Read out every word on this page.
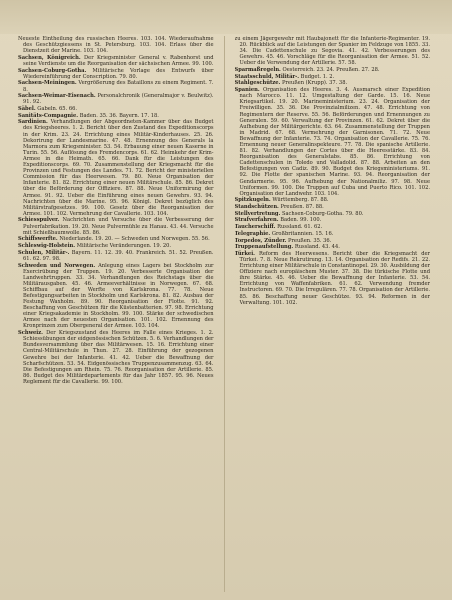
Neueste Eintheilung des russischen Heeres. 103. 104. Wiederaufnahme des Geschützgiessens in St. Petersburg. 103. 104. Erlass über die Dienstzeit der Marine. 103. 104.

Sachsen, Königreich. Der Kriegsminister General v. Rabenhorst und seine Verdienste um die Reorganisation der sächsischen Armee. 99. 100.

Sachsen-Coburg-Gotha. Militärische Vorlage des Entwurfs über Wiedereinführung der Conscription. 79. 80.

Sachsen-Meiningen. Vergrößerung des Bataillons zu einem Regiment. 7. 8.

Sachsen-Weimar-Eisenach. Personalchronik (Generalmajor v. Beulwitz). 91. 92.

Säbel. Gabeln. 65. 66.

Sanitäts-Compagnie. Baden. 35. 36. Bayern. 17. 18.

Sardinien. Verhandlungen der Abgeordneten-Kammer über das Budget des Kriegsheeres. 1. 2. Bericht über den Zustand des Expeditionscorps in der Krim. 23. 24. Errichtung eines Militär-Kinderhauses. 25. 26. Dekorirung der Landesmarine. 47. 48. Ernennung des Generals la Marmora zum Kriegsminister. 53. 54. Erbauung einer neuen Kaserne in Turin. 55. 56. Auflösung des Fremdencorps. 61. 62. Heimkehr der Krim-Armee in die Heimath. 65. 66. Dank für die Leistungen des Expeditionscorps. 69. 70. Zusammenstellung der Kriegsmacht für die Provinzen und Festungen des Landes. 71. 72. Bericht der ministeriellen Commission für das Heerwesen. 79. 80. Neue Organisation der Infanterie. 81. 82. Errichtung einer neuen Militärschule. 85. 86. Dekret über die Beförderung der Offiziere. 87. 88. Neue Uniformirung der Armee. 91. 92. Ueber die Einführung eines neuen Gewehrs. 93. 94. Nachrichten über die Marine. 95. 96. Königl. Dekret bezüglich des Militärstrafgesetzes. 99. 100. Gesetz über die Reorganisation der Armee. 101. 102. Vermehrung der Cavallerie. 103. 104.

Schiesspulver. Nachrichten und Versuche über die Verbesserung der Pulverfabrikation. 19. 20. Neue Pulvermühle zu Hanau. 43. 44. Versuche mit Schießbaumwolle. 85. 86.

Schiffswerfte. Niederlande. 19. 20. — Schweden und Norwegen. 55. 56.

Schleswig-Holstein. Militärische Veränderungen. 19. 20.

Schulen, Militär-. Bayern. 11. 12. 39. 40. Frankreich. 51. 52. Preußen. 61. 62. 97. 98.

Schweden und Norwegen. Anlegung eines Lagers bei Stockholm zur Exercirübung der Truppen. 19. 20. Verbesserte Organisation der Landwehrtruppen. 33. 34. Verhandlungen des Reichstags über die Militärausgaben. 45. 46. Armeeverhältnisse in Norwegen. 67. 68. Schiffbau auf der Werfte von Karlskrona. 77. 78. Neue Befestigungsarbeiten in Stockholm und Karlskrona. 81. 82. Ausbau der Festung Waxholm. 89. 90. Reorganisation der Flotte. 91. 92. Beschaffung von Geschützen für die Küstenbatterien. 97. 98. Errichtung einer Kriegsakademie in Stockholm. 99. 100. Stärke der schwedischen Armee nach der neuesten Organisation. 101. 102. Ernennung des Kronprinzen zum Obergeneral der Armee. 103. 104.

Schweiz. Der Kriegszustand des Heeres im Falle eines Krieges. 1. 2. Schiessübungen der eidgenössischen Schützen. 5. 6. Verhandlungen der Bundesversammlung über das Militärwesen. 15. 16. Errichtung einer Central-Militärschule in Thun. 27. 28. Einführung der gezogenen Gewehre bei der Infanterie. 41. 42. Ueber die Bewaffnung der Scharfschützen. 53. 54. Eidgenössisches Truppenzusammenzug. 63. 64. Die Befestigungen am Rhein. 75. 76. Reorganisation der Artillerie. 85. 86. Budget des Militärdepartements für das Jahr 1857. 95. 96. Neues Reglement für die Cavallerie. 99. 100.

zu einem Jägergewehr mit Haubajonett für die Infanterie-Regimenter. 19. 20. Rückblick auf die Leistungen der Spanier im Feldzuge von 1855. 33. 34. Die Cadettenschule zu Segovia. 41. 42. Verbesserungen des Gewehrs. 45. 46. Vorschläge für die Reorganisation der Armee. 51. 52. Ueber die Verwendung der Artillerie. 57. 58.

Sparmaßregeln. Oesterreich. 23. 24. Preußen. 27. 28.

Staatsschuld, Militär-. Budget. 1. 2.

Stahlgeschütze. Preußen (Krupp). 37. 38.

Spanien. Organisation des Heeres. 3. 4. Ausmarsch einer Expedition nach Marocco. 11. 12. Umgestaltung der Garde. 15. 16. Neue Kriegsartikel. 19. 20. Marineministerium. 23. 24. Organisation der Freiwilligen. 35. 36. Die Provinzialmilizen. 47. 48. Errichtung von Regimentern der Reserve. 55. 56. Beförderungen und Ernennungen zu Generalen. 59. 60. Verwaltung der Provinzen. 61. 62. Dekret über die Aufhebung der Militärgerichte. 63. 64. Zusammenstellung der Truppen in Madrid. 67. 68. Vermehrung der Garnisonen. 71. 72. Neue Bewaffnung der Infanterie. 73. 74. Organisation der Cavallerie. 75. 76. Ernennung neuer Generalinspekteure. 77. 78. Die spanische Artillerie. 81. 82. Verhandlungen der Cortes über die Heeresstärke. 83. 84. Reorganisation des Generalstabs. 85. 86. Errichtung von Cadettenschulen in Toledo und Valladolid. 87. 88. Arbeiten an den Befestigungen von Cadiz. 89. 90. Budget des Kriegsministeriums. 91. 92. Die Flotte der spanischen Marine. 93. 94. Reorganisation der Gendarmerie. 95. 96. Aufhebung der Nationalmiliz. 97. 98. Neue Uniformen. 99. 100. Die Truppen auf Cuba und Puerto Rico. 101. 102. Organisation der Landwehr. 103. 104.

Spitzkugeln. Württemberg. 87. 88.

Standschützen. Preußen. 87. 88.

Stellvertretung. Sachsen-Coburg-Gotha. 79. 80.

Strafverfahren. Baden. 99. 100.

Taucherschiff. Russland. 61. 62.

Telegraphie. Großbritannien. 15. 16.

Torpedos, Zünder. Preußen. 35. 36.

Truppenaufstellung. Russland. 43. 44.

Türkei. Reform des Heerwesens. Bericht über die Kriegsmacht der Türkei. 7. 8. Neue Rekrutirung. 13. 14. Organisation der Redifs. 21. 22. Errichtung einer Militärschule in Constantinopel. 29. 30. Ausbildung der Offiziere nach europäischem Muster. 37. 38. Die türkische Flotte und ihre Stärke. 45. 46. Ueber die Bewaffnung der Infanterie. 53. 54. Errichtung von Waffenfabriken. 61. 62. Verwendung fremder Instructoren. 69. 70. Die Irregulären. 77. 78. Organisation der Artillerie. 85. 86. Beschaffung neuer Geschütze. 93. 94. Reformen in der Verwaltung. 101. 102.
